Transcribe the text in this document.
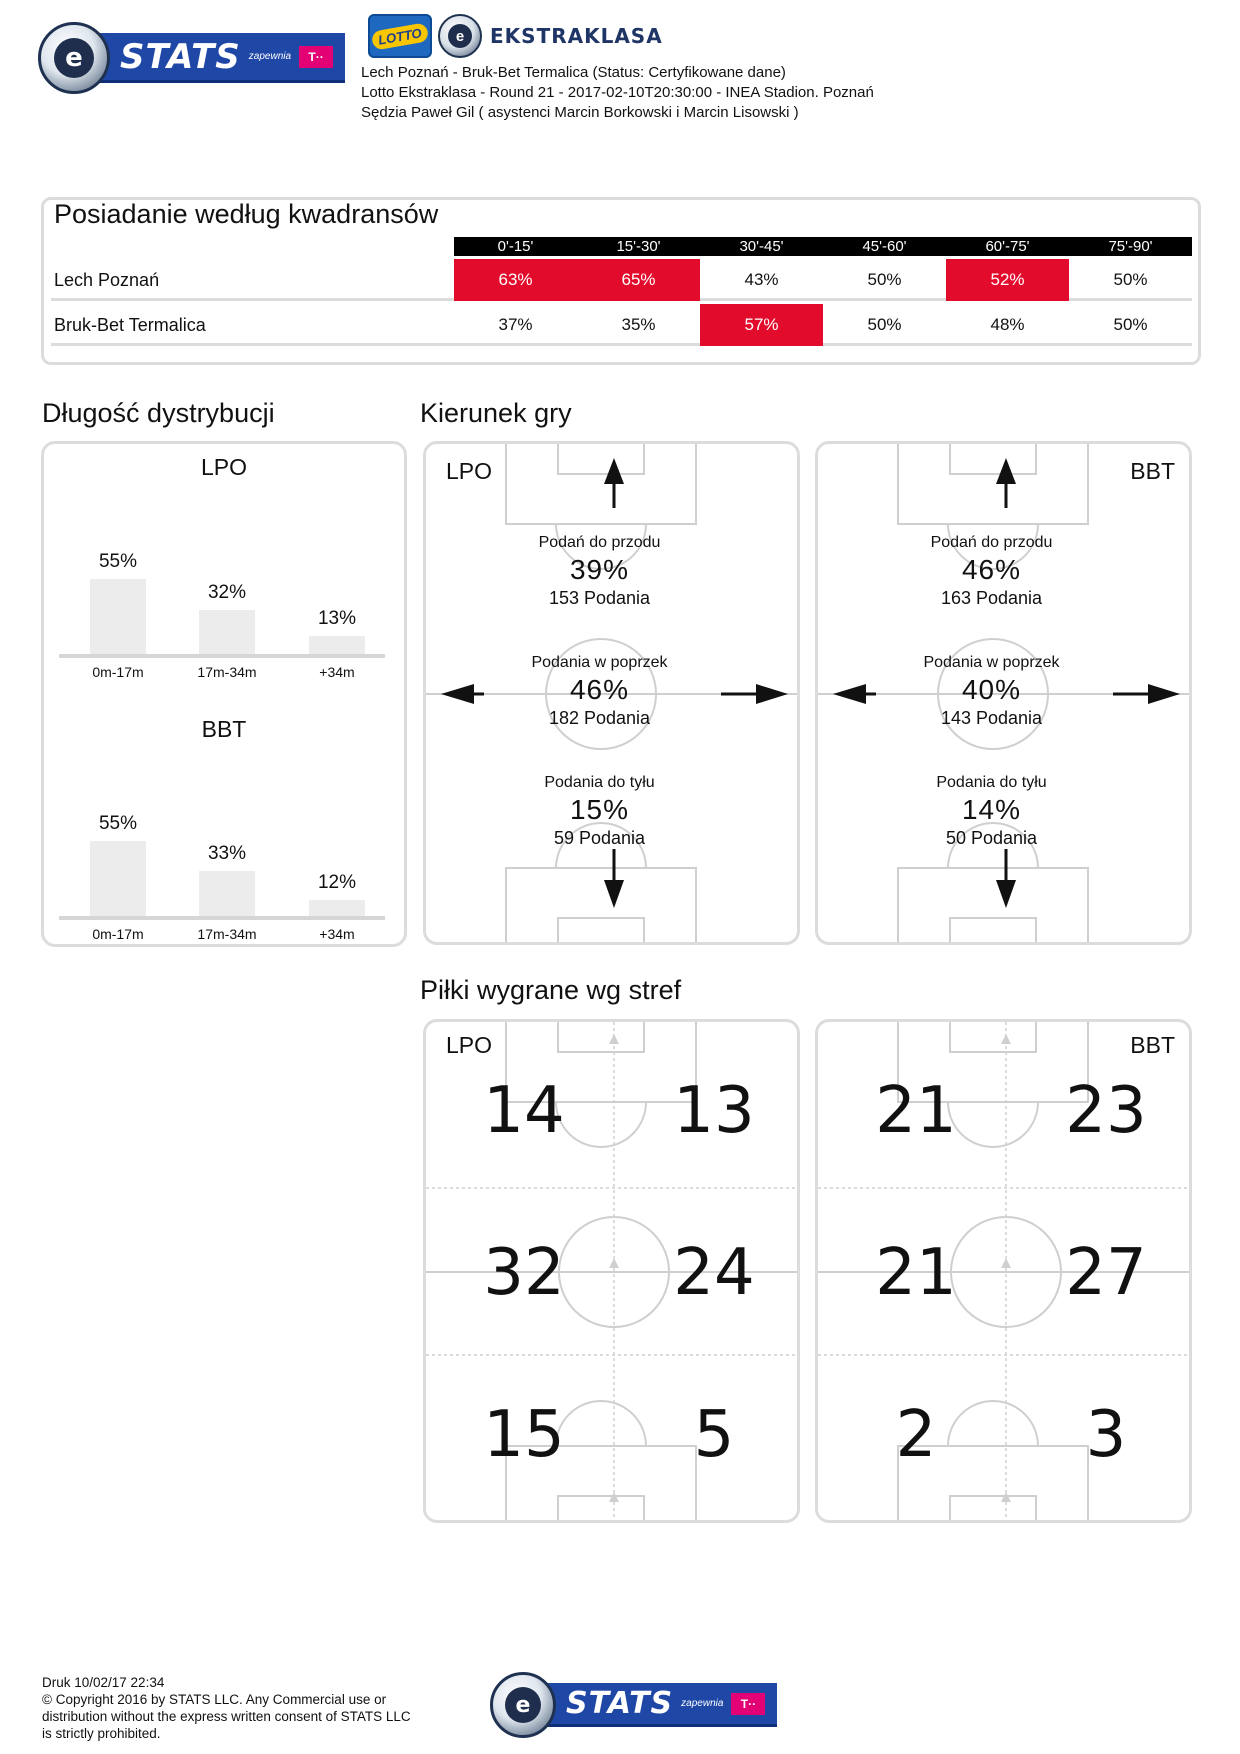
e	STATS zapewnia	T··
LOTTO	e	EKSTRAKLASA
Lech Poznań - Bruk-Bet Termalica (Status: Certyfikowane dane)
Lotto Ekstraklasa - Round 21 - 2017-02-10T20:30:00 - INEA Stadion. Poznań
Sędzia Paweł Gil ( asystenci Marcin Borkowski i Marcin Lisowski )
Posiadanie według kwadransów
0'-15'	15'-30'	30'-45'	45'-60'	60'-75'	75'-90'
Lech Poznań	63%	65%	43%	50%	52%	50%
Bruk-Bet Termalica	37%	35%	57%	50%	48%	50%
Długość dystrybucji
LPO
55%
32%
13%
0m-17m	17m-34m	+34m
BBT
55%
33%
12%
0m-17m	17m-34m	+34m
Kierunek gry
LPO
Podań do przodu
39%
153 Podania
Podania w poprzek
46%
182 Podania
Podania do tyłu
15%
59 Podania
BBT
Podań do przodu
46%
163 Podania
Podania w poprzek
40%
143 Podania
Podania do tyłu
14%
50 Podania
Piłki wygrane wg stref
LPO
14	13
32	24
15	5
BBT
21	23
21	27
2	3
Druk 10/02/17 22:34
© Copyright 2016 by STATS LLC. Any Commercial use or
distribution without the express written consent of STATS LLC
is strictly prohibited.
e	STATS zapewnia	T··
